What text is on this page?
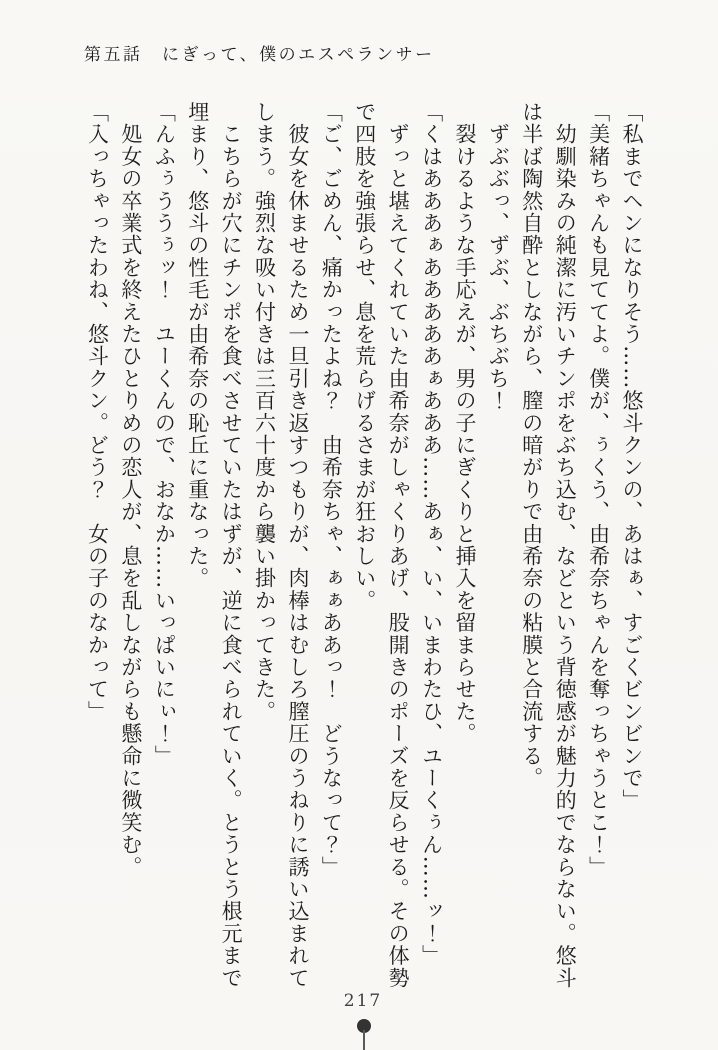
第五話　にぎって、僕のエスペランサー

「私までヘンになりそう……悠斗クンの、あはぁ、すごくビンビンで」

「美緒ちゃんも見ててよ。僕が、ぅくう、由希奈ちゃんを奪っちゃうとこ！」

　幼馴染みの純潔に汚いチンポをぶち込む、などという背徳感が魅力的でならない。悠斗

は半ば陶然自酔としながら、膣の暗がりで由希奈の粘膜と合流する。

　ずぶぶっ、ずぶ、ぶちぶち！

　裂けるような手応えが、男の子にぎくりと挿入を留まらせた。

「くはあああぁあああああぁあああ……あぁ、い、いまわたひ、ユーくぅん……ッ！」

　ずっと堪えてくれていた由希奈がしゃくりあげ、股開きのポーズを反らせる。その体勢

で四肢を強張らせ、息を荒らげるさまが狂おしい。

「ご、ごめん、痛かったよね？　由希奈ちゃ、ぁぁああっ！　どうなって？」

　彼女を休ませるため一旦引き返すつもりが、肉棒はむしろ膣圧のうねりに誘い込まれて

しまう。強烈な吸い付きは三百六十度から襲い掛かってきた。

　こちらが穴にチンポを食べさせていたはずが、逆に食べられていく。とうとう根元まで

埋まり、悠斗の性毛が由希奈の恥丘に重なった。

「んふぅううぅッ！　ユーくんので、おなか……いっぱいにぃ！」

　処女の卒業式を終えたひとりめの恋人が、息を乱しながらも懸命に微笑む。

「入っちゃったわね、悠斗クン。どう？　女の子のなかって」

217
